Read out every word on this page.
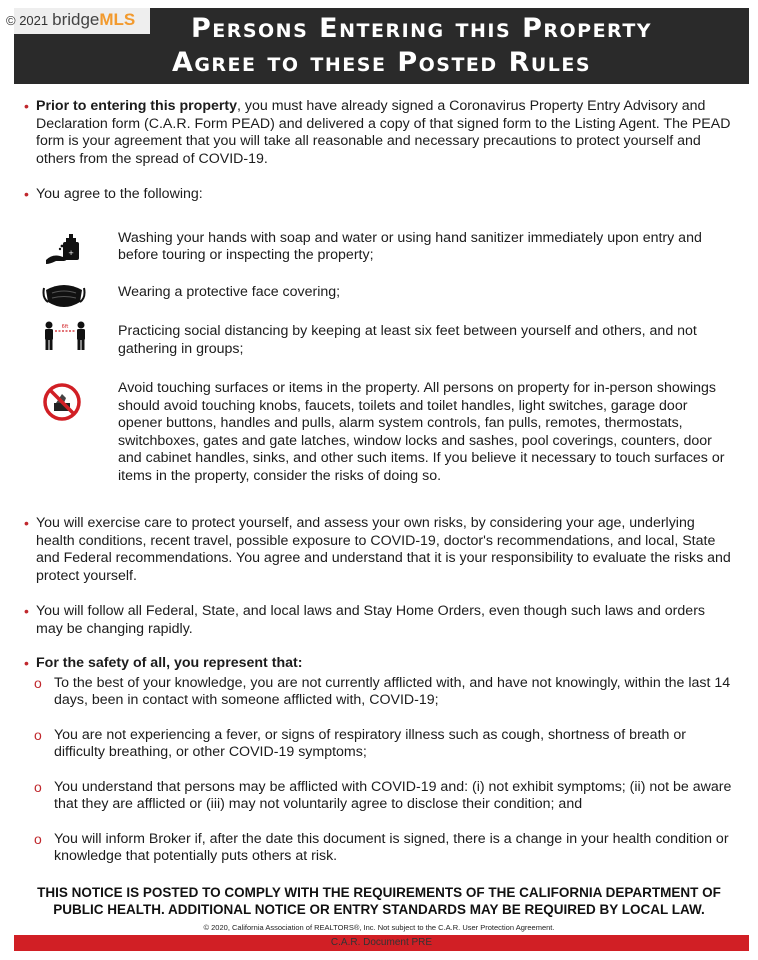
Persons Entering this Property
Agree to these Posted Rules
© 2021 bridge MLS
• Prior to entering this property, you must have already signed a Coronavirus Property Entry Advisory and Declaration form (C.A.R. Form PEAD) and delivered a copy of that signed form to the Listing Agent. The PEAD form is your agreement that you will take all reasonable and necessary precautions to protect yourself and others from the spread of COVID-19.
• You agree to the following:
+
Washing your hands with soap and water or using hand sanitizer immediately upon entry and before touring or inspecting the property;
Wearing a protective face covering;
6ft	Practicing social distancing by keeping at least six feet between yourself and others, and not gathering in groups;
Avoid touching surfaces or items in the property. All persons on property for in-person showings should avoid touching knobs, faucets, toilets and toilet handles, light switches, garage door opener buttons, handles and pulls, alarm system controls, fan pulls, remotes, thermostats, switchboxes, gates and gate latches, window locks and sashes, pool coverings, counters, door and cabinet handles, sinks, and other such items. If you believe it necessary to touch surfaces or items in the property, consider the risks of doing so.
• You will exercise care to protect yourself, and assess your own risks, by considering your age, underlying health conditions, recent travel, possible exposure to COVID-19, doctor's recommendations, and local, State and Federal recommendations. You agree and understand that it is your responsibility to evaluate the risks and protect yourself.
• You will follow all Federal, State, and local laws and Stay Home Orders, even though such laws and orders may be changing rapidly.
• For the safety of all, you represent that:
o To the best of your knowledge, you are not currently afflicted with, and have not knowingly, within the last 14 days, been in contact with someone afflicted with, COVID-19;
o You are not experiencing a fever, or signs of respiratory illness such as cough, shortness of breath or difficulty breathing, or other COVID-19 symptoms;
o You understand that persons may be afflicted with COVID-19 and: (i) not exhibit symptoms; (ii) not be aware that they are afflicted or (iii) may not voluntarily agree to disclose their condition; and
o You will inform Broker if, after the date this document is signed, there is a change in your health condition or knowledge that potentially puts others at risk.
THIS NOTICE IS POSTED TO COMPLY WITH THE REQUIREMENTS OF THE CALIFORNIA DEPARTMENT OF
PUBLIC HEALTH. ADDITIONAL NOTICE OR ENTRY STANDARDS MAY BE REQUIRED BY LOCAL LAW.
© 2020, California Association of REALTORS®, Inc. Not subject to the C.A.R. User Protection Agreement.
C.A.R. Document PRE
